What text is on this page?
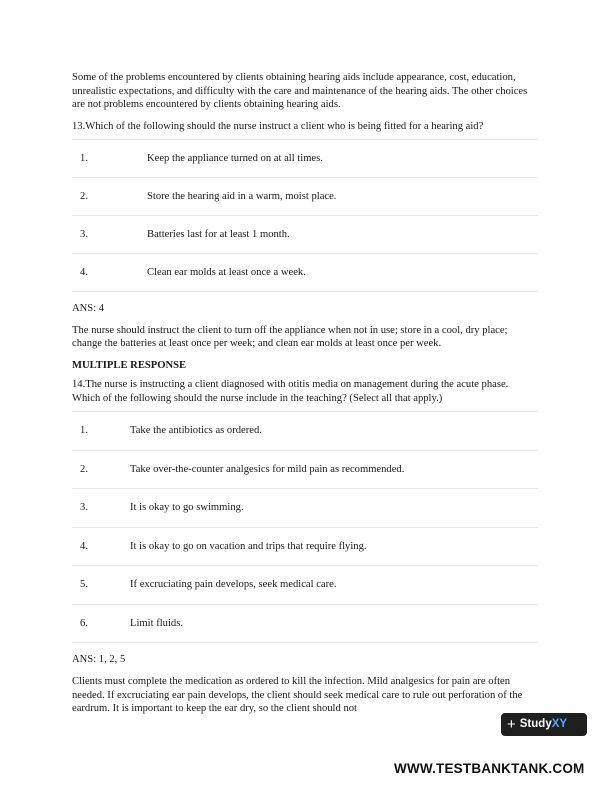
Some of the problems encountered by clients obtaining hearing aids include appearance, cost, education, unrealistic expectations, and difficulty with the care and maintenance of the hearing aids. The other choices are not problems encountered by clients obtaining hearing aids.

13.Which of the following should the nurse instruct a client who is being fitted for a hearing aid?

1.	Keep the appliance turned on at all times.
2.	Store the hearing aid in a warm, moist place.
3.	Batteries last for at least 1 month.
4.	Clean ear molds at least once a week.

ANS: 4

The nurse should instruct the client to turn off the appliance when not in use; store in a cool, dry place; change the batteries at least once per week; and clean ear molds at least once per week.

MULTIPLE RESPONSE

14.The nurse is instructing a client diagnosed with otitis media on management during the acute phase. Which of the following should the nurse include in the teaching? (Select all that apply.)

1.	Take the antibiotics as ordered.
2.	Take over-the-counter analgesics for mild pain as recommended.
3.	It is okay to go swimming.
4.	It is okay to go on vacation and trips that require flying.
5.	If excruciating pain develops, seek medical care.
6.	Limit fluids.

ANS: 1, 2, 5

Clients must complete the medication as ordered to kill the infection. Mild analgesics for pain are often needed. If excruciating ear pain develops, the client should seek medical care to rule out perforation of the eardrum. It is important to keep the ear dry, so the client should not

+ Study XY
WWW.TESTBANKTANK.COM
